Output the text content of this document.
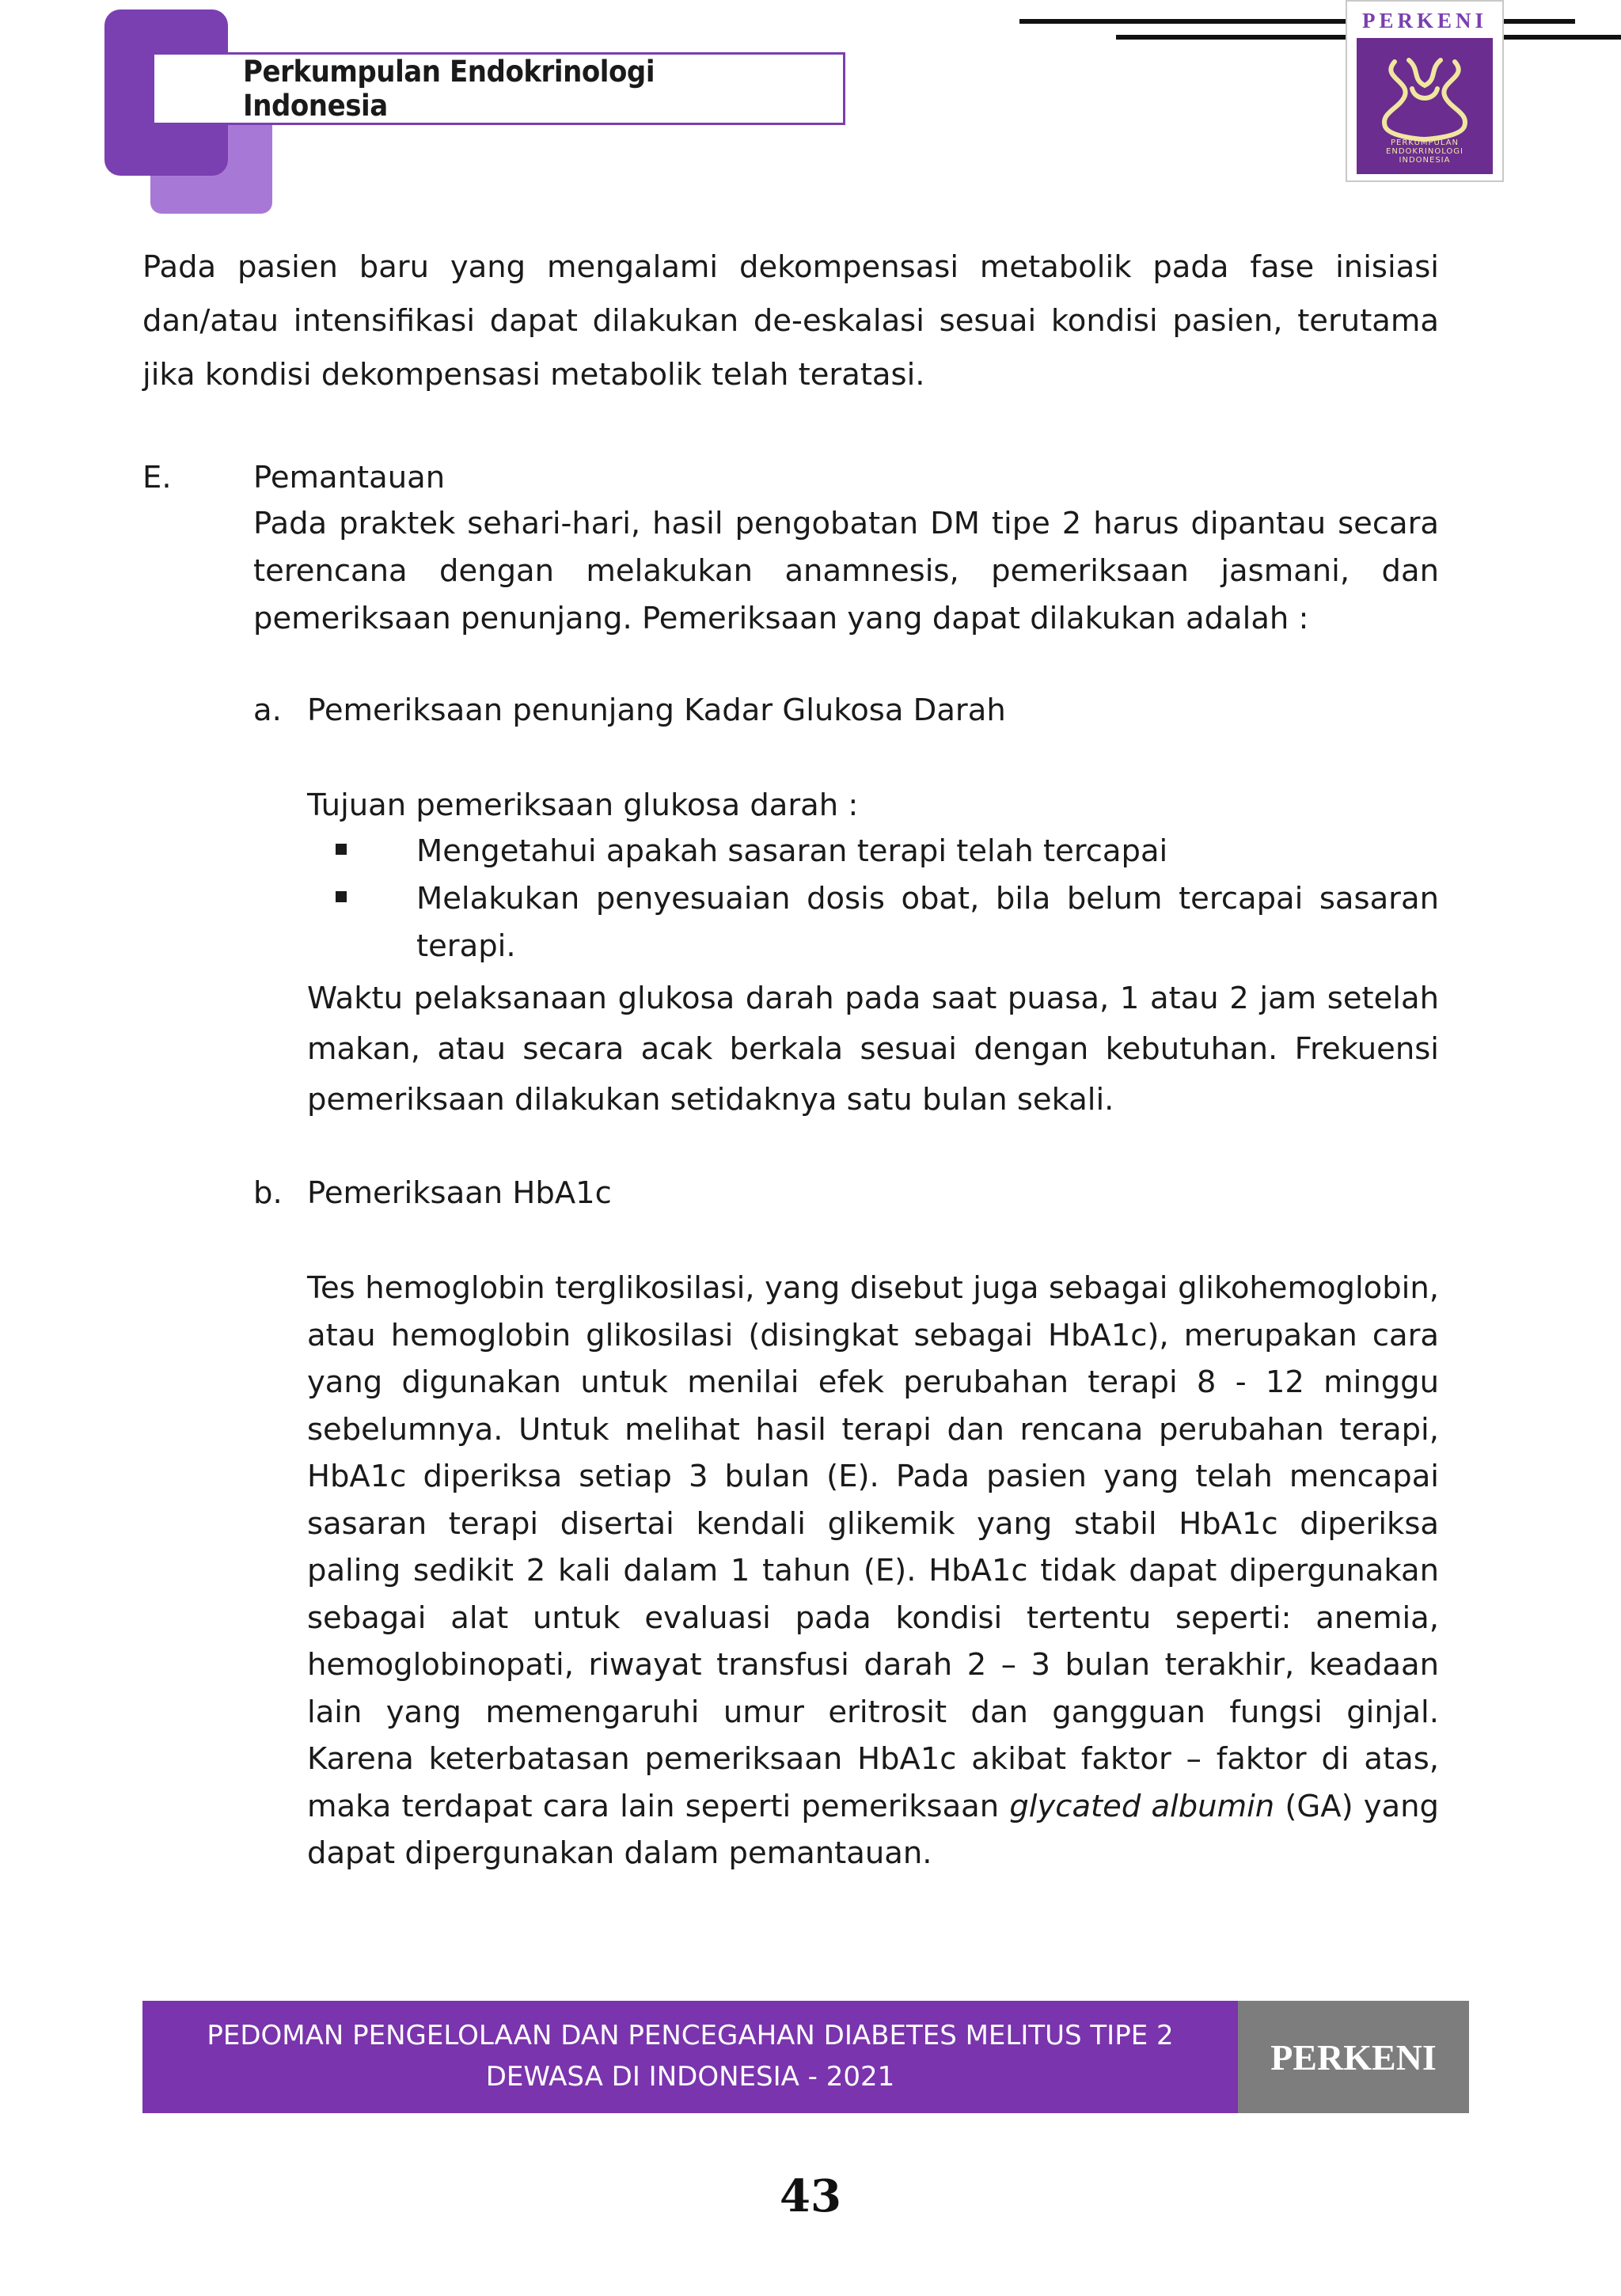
Perkumpulan Endokrinologi Indonesia
PERKENI
PERKUMPULAN
ENDOKRINOLOGI
INDONESIA

Pada pasien baru yang mengalami dekompensasi metabolik pada fase inisiasi dan/atau intensifikasi dapat dilakukan de-eskalasi sesuai kondisi pasien, terutama jika kondisi dekompensasi metabolik telah teratasi.

E.	Pemantauan

Pada praktek sehari-hari, hasil pengobatan DM tipe 2 harus dipantau secara terencana dengan melakukan anamnesis, pemeriksaan jasmani, dan pemeriksaan penunjang. Pemeriksaan yang dapat dilakukan adalah :

a. Pemeriksaan penunjang Kadar Glukosa Darah
Tujuan pemeriksaan glukosa darah :

Mengetahui apakah sasaran terapi telah tercapai

Melakukan penyesuaian dosis obat, bila belum tercapai sasaran terapi.

Waktu pelaksanaan glukosa darah pada saat puasa, 1 atau 2 jam setelah makan, atau secara acak berkala sesuai dengan kebutuhan. Frekuensi pemeriksaan dilakukan setidaknya satu bulan sekali.

b. Pemeriksaan HbA1c

Tes hemoglobin terglikosilasi, yang disebut juga sebagai glikohemoglobin, atau hemoglobin glikosilasi (disingkat sebagai HbA1c), merupakan cara yang digunakan untuk menilai efek perubahan terapi 8 - 12 minggu sebelumnya. Untuk melihat hasil terapi dan rencana perubahan terapi, HbA1c diperiksa setiap 3 bulan (E). Pada pasien yang telah mencapai sasaran terapi disertai kendali glikemik yang stabil HbA1c diperiksa paling sedikit 2 kali dalam 1 tahun (E). HbA1c tidak dapat dipergunakan sebagai alat untuk evaluasi pada kondisi tertentu seperti: anemia, hemoglobinopati, riwayat transfusi darah 2 – 3 bulan terakhir, keadaan lain yang memengaruhi umur eritrosit dan gangguan fungsi ginjal. Karena keterbatasan pemeriksaan HbA1c akibat faktor – faktor di atas, maka terdapat cara lain seperti pemeriksaan glycated albumin (GA) yang dapat dipergunakan dalam pemantauan.

PEDOMAN PENGELOLAAN DAN PENCEGAHAN DIABETES MELITUS TIPE 2
DEWASA DI INDONESIA - 2021	PERKENI
43
